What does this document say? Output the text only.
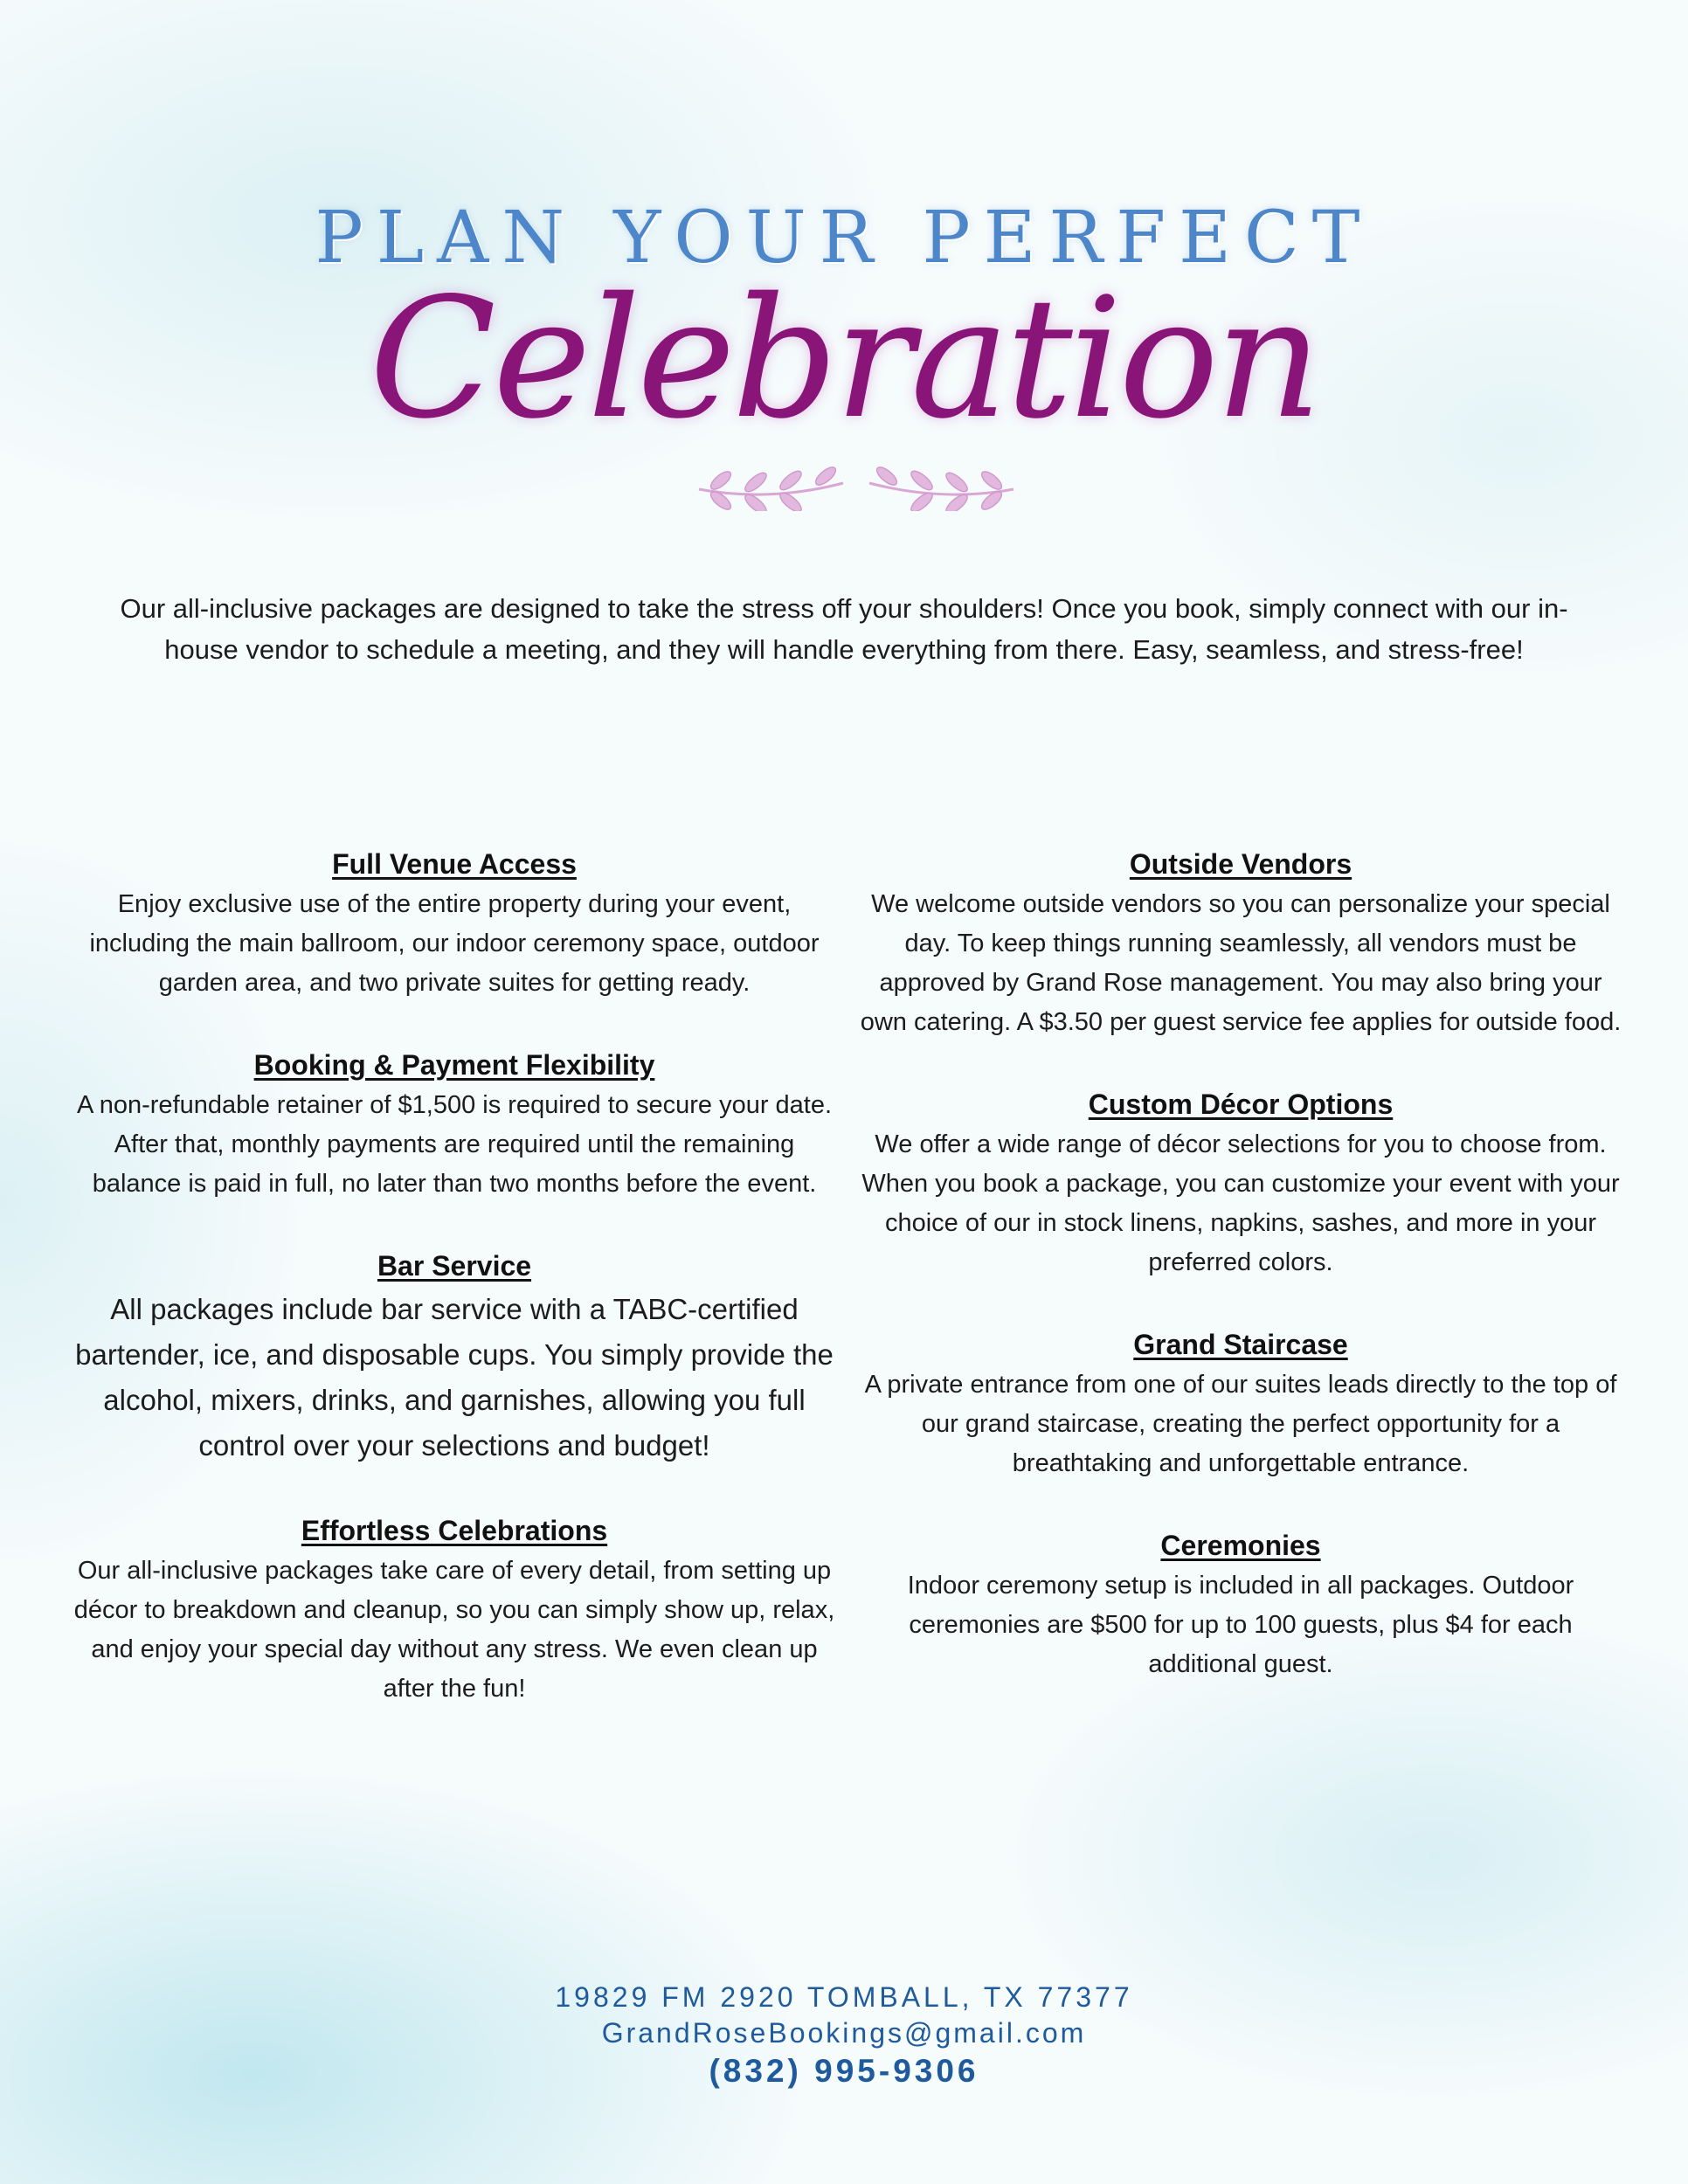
PLAN YOUR PERFECT
Celebration
Our all-inclusive packages are designed to take the stress off your shoulders! Once you book, simply connect with our in-house vendor to schedule a meeting, and they will handle everything from there. Easy, seamless, and stress-free!
Full Venue Access

Enjoy exclusive use of the entire property during your event, including the main ballroom, our indoor ceremony space, outdoor garden area, and two private suites for getting ready.

Booking & Payment Flexibility

A non-refundable retainer of $1,500 is required to secure your date. After that, monthly payments are required until the remaining balance is paid in full, no later than two months before the event.

Bar Service

All packages include bar service with a TABC-certified bartender, ice, and disposable cups. You simply provide the alcohol, mixers, drinks, and garnishes, allowing you full control over your selections and budget!

Effortless Celebrations

Our all-inclusive packages take care of every detail, from setting up décor to breakdown and cleanup, so you can simply show up, relax, and enjoy your special day without any stress. We even clean up after the fun!

Outside Vendors

We welcome outside vendors so you can personalize your special day. To keep things running seamlessly, all vendors must be approved by Grand Rose management. You may also bring your own catering. A $3.50 per guest service fee applies for outside food.

Custom Décor Options

We offer a wide range of décor selections for you to choose from. When you book a package, you can customize your event with your choice of our in stock linens, napkins, sashes, and more in your preferred colors.

Grand Staircase

A private entrance from one of our suites leads directly to the top of our grand staircase, creating the perfect opportunity for a breathtaking and unforgettable entrance.

Ceremonies

Indoor ceremony setup is included in all packages. Outdoor ceremonies are $500 for up to 100 guests, plus $4 for each additional guest.

19829 FM 2920 TOMBALL, TX 77377
GrandRoseBookings@gmail.com
(832) 995-9306
